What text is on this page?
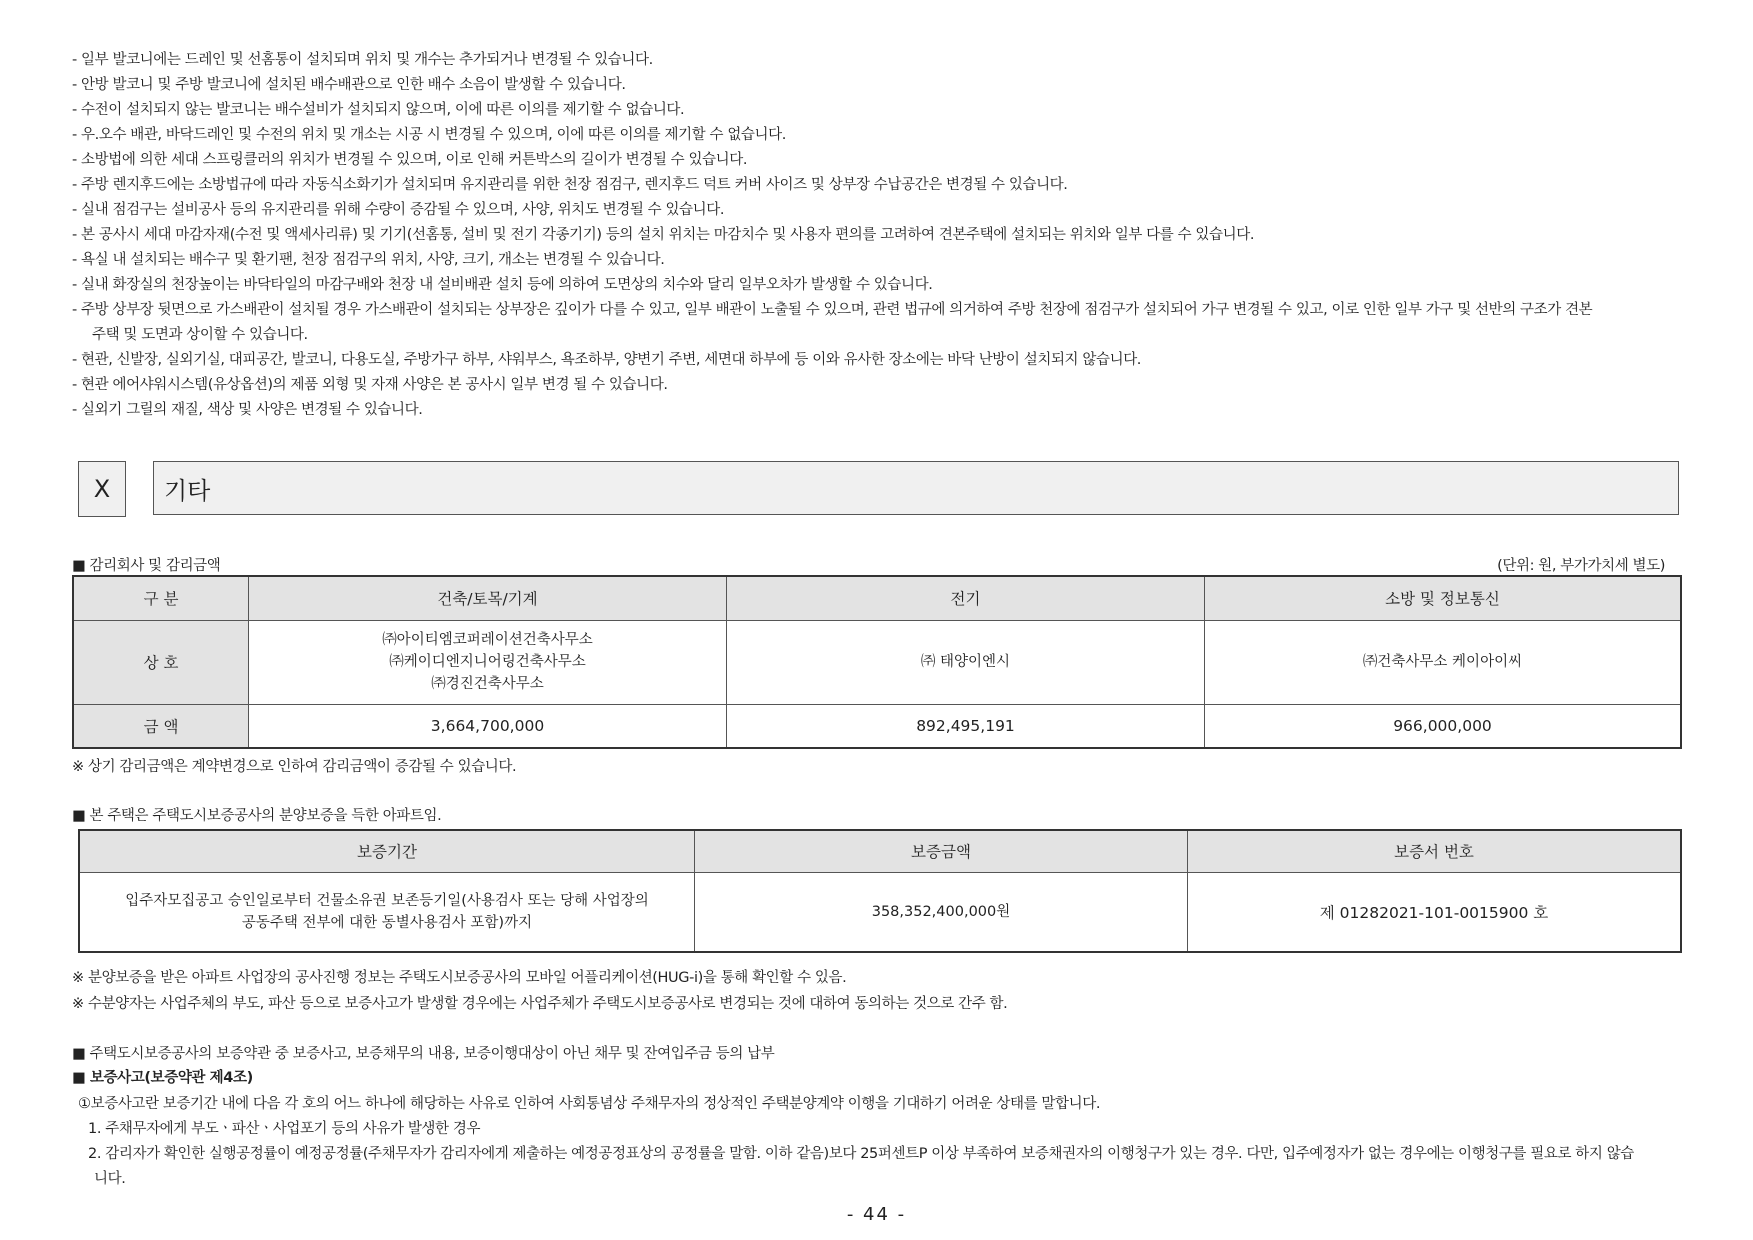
- 일부 발코니에는 드레인 및 선홈통이 설치되며 위치 및 개수는 추가되거나 변경될 수 있습니다.
- 안방 발코니 및 주방 발코니에 설치된 배수배관으로 인한 배수 소음이 발생할 수 있습니다.
- 수전이 설치되지 않는 발코니는 배수설비가 설치되지 않으며, 이에 따른 이의를 제기할 수 없습니다.
- 우.오수 배관, 바닥드레인 및 수전의 위치 및 개소는 시공 시 변경될 수 있으며, 이에 따른 이의를 제기할 수 없습니다.
- 소방법에 의한 세대 스프링클러의 위치가 변경될 수 있으며, 이로 인해 커튼박스의 길이가 변경될 수 있습니다.
- 주방 렌지후드에는 소방법규에 따라 자동식소화기가 설치되며 유지관리를 위한 천장 점검구, 렌지후드 덕트 커버 사이즈 및 상부장 수납공간은 변경될 수 있습니다.
- 실내 점검구는 설비공사 등의 유지관리를 위해 수량이 증감될 수 있으며, 사양, 위치도 변경될 수 있습니다.
- 본 공사시 세대 마감자재(수전 및 액세사리류) 및 기기(선홈통, 설비 및 전기 각종기기) 등의 설치 위치는 마감치수 및 사용자 편의를 고려하여 견본주택에 설치되는 위치와 일부 다를 수 있습니다.
- 욕실 내 설치되는 배수구 및 환기팬, 천장 점검구의 위치, 사양, 크기, 개소는 변경될 수 있습니다.
- 실내 화장실의 천장높이는 바닥타일의 마감구배와 천장 내 설비배관 설치 등에 의하여 도면상의 치수와 달리 일부오차가 발생할 수 있습니다.
- 주방 상부장 뒷면으로 가스배관이 설치될 경우 가스배관이 설치되는 상부장은 깊이가 다를 수 있고, 일부 배관이 노출될 수 있으며, 관련 법규에 의거하여 주방 천장에 점검구가 설치되어 가구 변경될 수 있고, 이로 인한 일부 가구 및 선반의 구조가 견본
주택 및 도면과 상이할 수 있습니다.
- 현관, 신발장, 실외기실, 대피공간, 발코니, 다용도실, 주방가구 하부, 샤워부스, 욕조하부, 양변기 주변, 세면대 하부에 등 이와 유사한 장소에는 바닥 난방이 설치되지 않습니다.
- 현관 에어샤워시스템(유상옵션)의 제품 외형 및 자재 사양은 본 공사시 일부 변경 될 수 있습니다.
- 실외기 그릴의 재질, 색상 및 사양은 변경될 수 있습니다.
Ⅹ	기타
■ 감리회사 및 감리금액	(단위: 원, 부가가치세 별도)
구 분	건축/토목/기계	전기	소방 및 정보통신
상 호	㈜아이티엠코퍼레이션건축사무소
㈜케이디엔지니어링건축사무소
㈜경진건축사무소	㈜ 태양이엔시	㈜건축사무소 케이아이씨

금 액	3,664,700,000	892,495,191	966,000,000
※ 상기 감리금액은 계약변경으로 인하여 감리금액이 증감될 수 있습니다.
■ 본 주택은 주택도시보증공사의 분양보증을 득한 아파트임.
보증기간	보증금액	보증서 번호

입주자모집공고 승인일로부터 건물소유권 보존등기일(사용검사 또는 당해 사업장의
공동주택 전부에 대한 동별사용검사 포함)까지	358,352,400,000원	제 01282021-101-0015900 호
※ 분양보증을 받은 아파트 사업장의 공사진행 정보는 주택도시보증공사의 모바일 어플리케이션(HUG-i)을 통해 확인할 수 있음.
※ 수분양자는 사업주체의 부도, 파산 등으로 보증사고가 발생할 경우에는 사업주체가 주택도시보증공사로 변경되는 것에 대하여 동의하는 것으로 간주 함.
■ 주택도시보증공사의 보증약관 중 보증사고, 보증채무의 내용, 보증이행대상이 아닌 채무 및 잔여입주금 등의 납부
■ 보증사고(보증약관 제4조)
①보증사고란 보증기간 내에 다음 각 호의 어느 하나에 해당하는 사유로 인하여 사회통념상 주채무자의 정상적인 주택분양계약 이행을 기대하기 어려운 상태를 말합니다.
1. 주채무자에게 부도ㆍ파산ㆍ사업포기 등의 사유가 발생한 경우
2. 감리자가 확인한 실행공정률이 예정공정률(주채무자가 감리자에게 제출하는 예정공정표상의 공정률을 말함. 이하 같음)보다 25퍼센트P 이상 부족하여 보증채권자의 이행청구가 있는 경우. 다만, 입주예정자가 없는 경우에는 이행청구를 필요로 하지 않습
니다.
- 44 -
